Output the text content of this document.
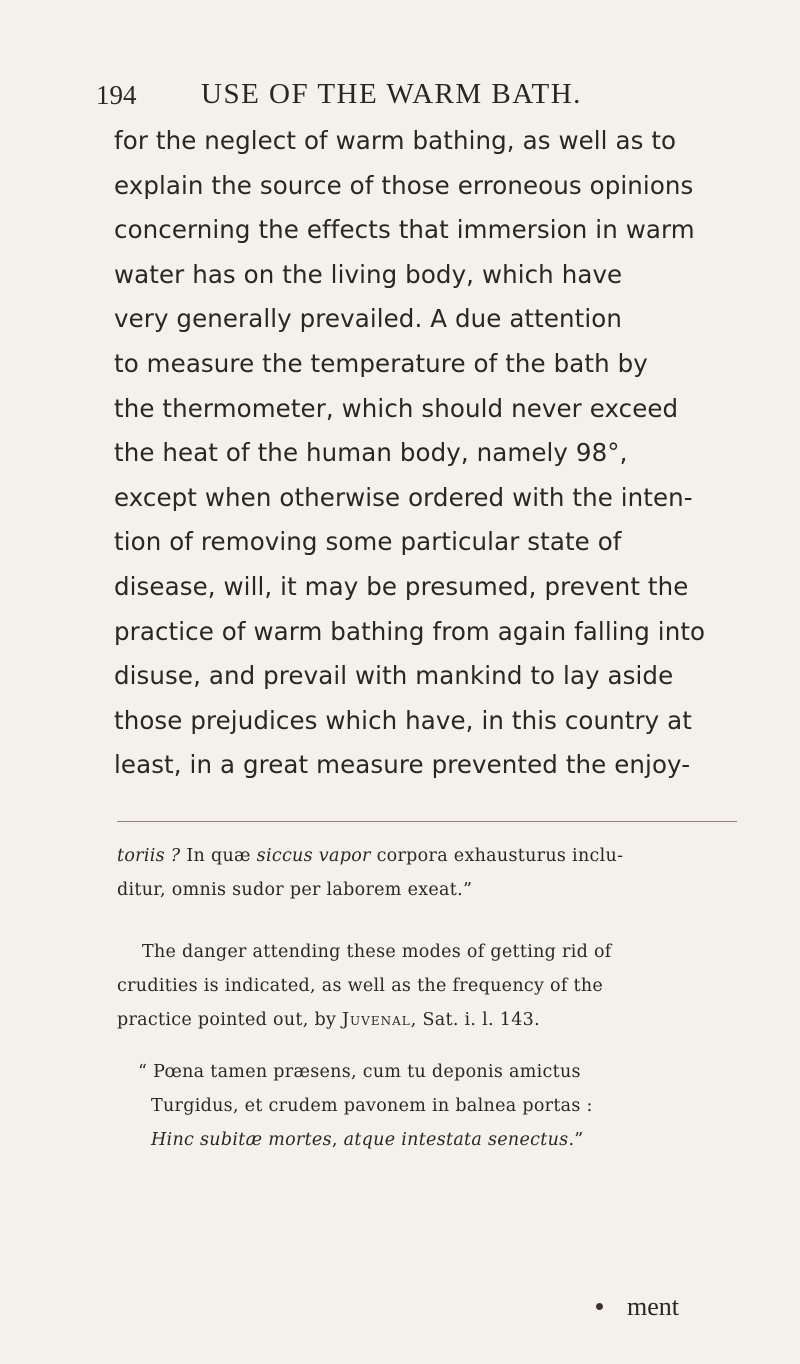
194 USE OF THE WARM BATH.
for the neglect of warm bathing, as well as to
explain the source of those erroneous opinions
concerning the effects that immersion in warm
water has on the living body, which have
very generally prevailed. A due attention
to measure the temperature of the bath by
the thermometer, which should never exceed
the heat of the human body, namely 98°,
except when otherwise ordered with the inten-
tion of removing some particular state of
disease, will, it may be presumed, prevent the
practice of warm bathing from again falling into
disuse, and prevail with mankind to lay aside
those prejudices which have, in this country at
least, in a great measure prevented the enjoy-
toriis ? In quæ siccus vapor corpora exhausturus inclu-
ditur, omnis sudor per laborem exeat.”
The danger attending these modes of getting rid of
crudities is indicated, as well as the frequency of the
practice pointed out, by Juvenal, Sat. i. l. 143.
“ Pœna tamen præsens, cum tu deponis amictus
Turgidus, et crudem pavonem in balnea portas :
Hinc subitæ mortes, atque intestata senectus.”
ment
